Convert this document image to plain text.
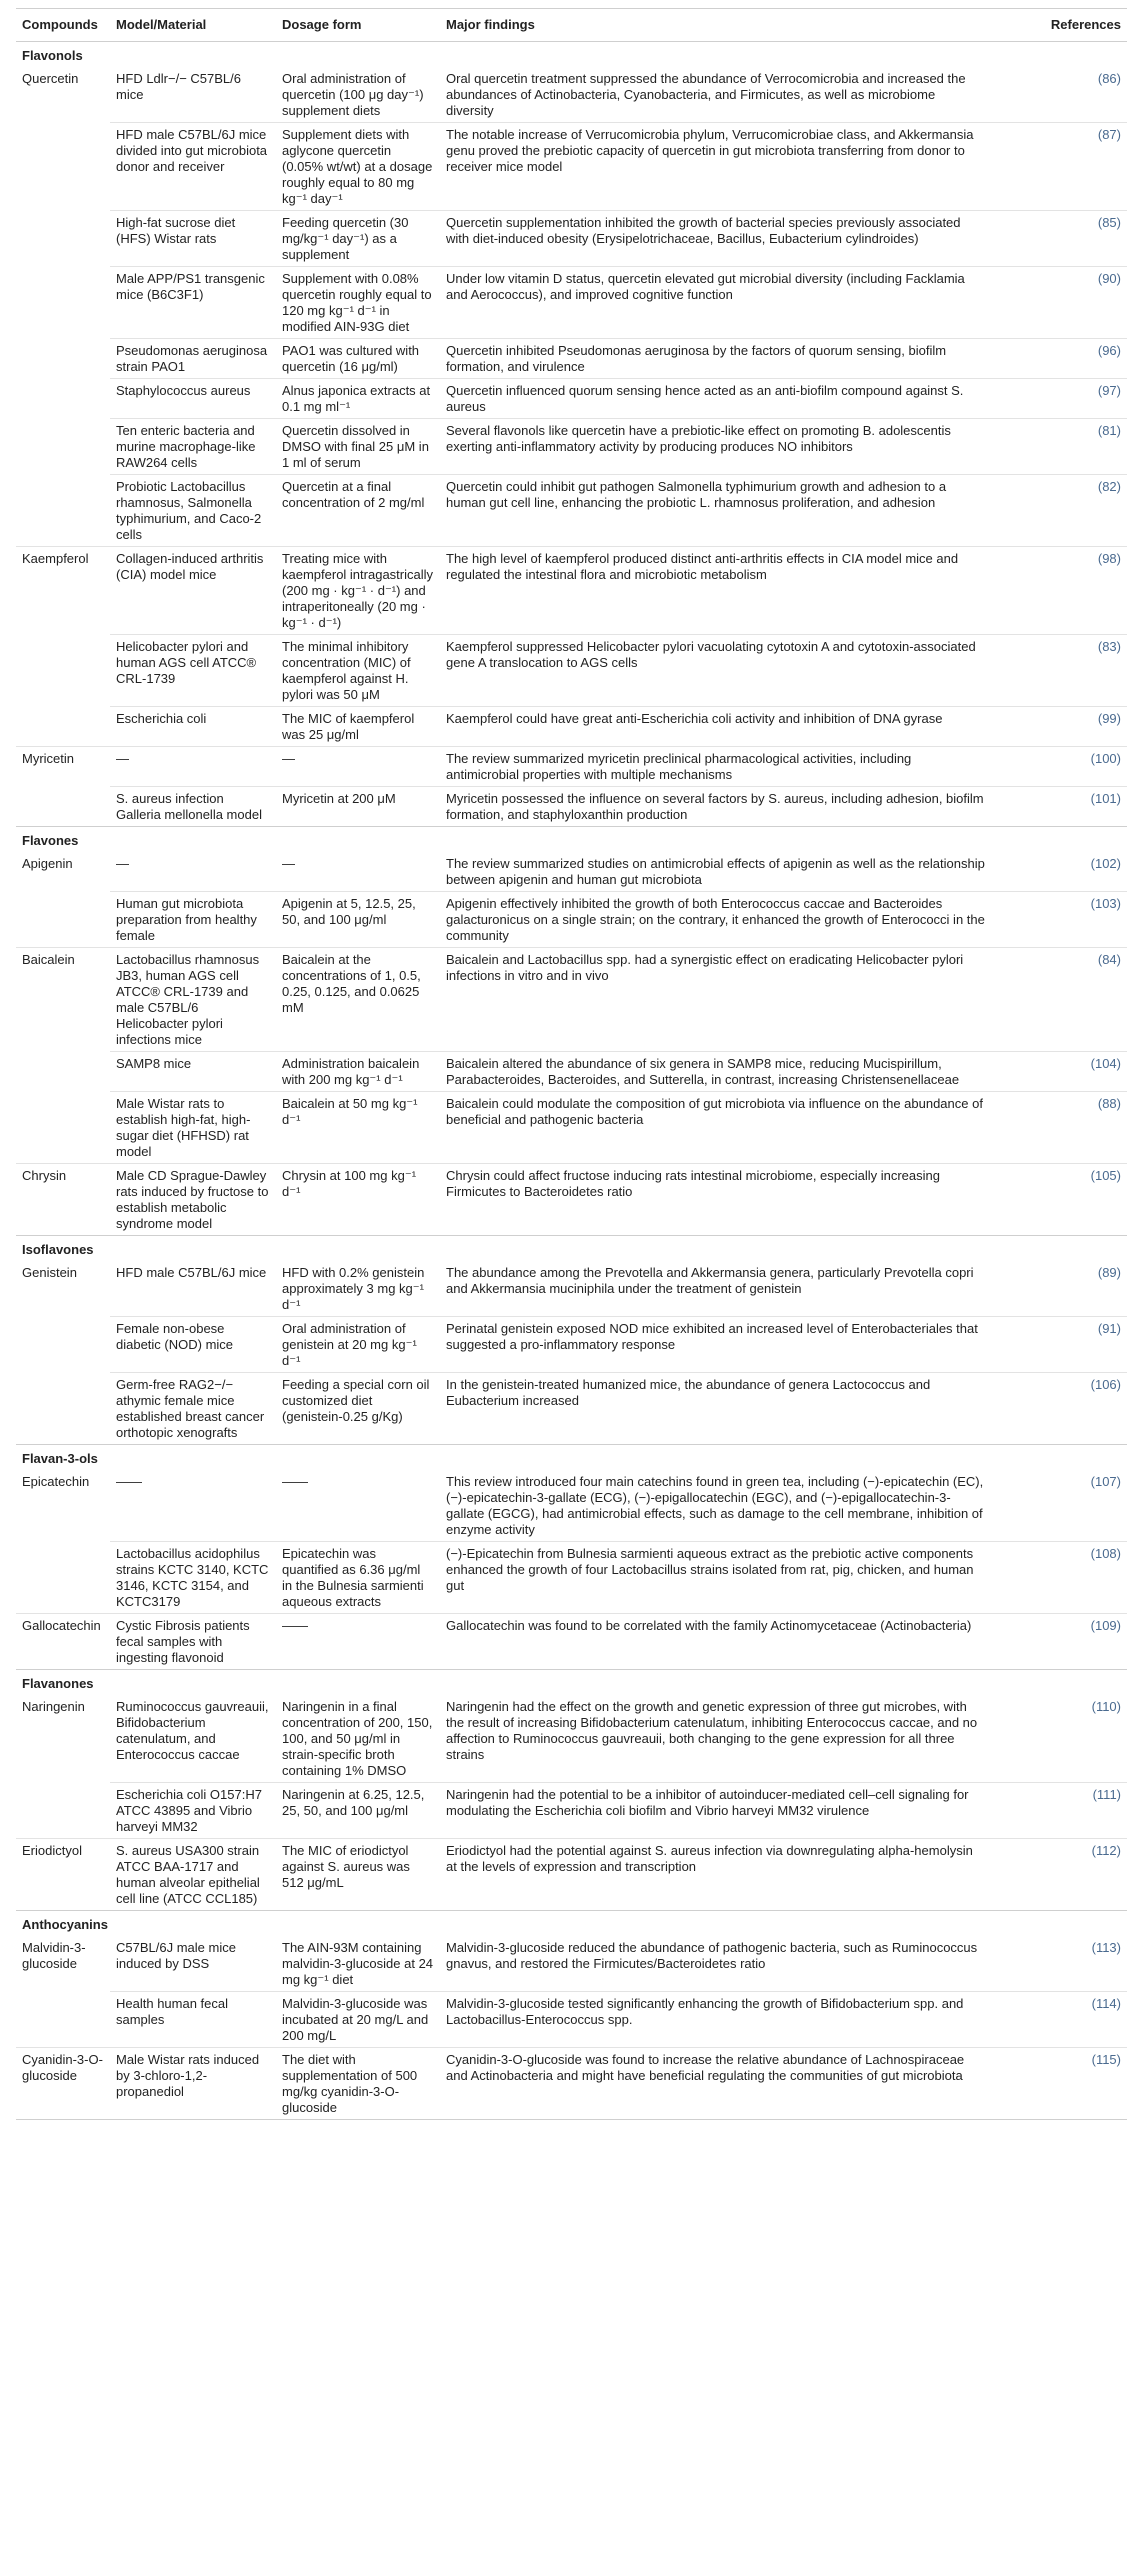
Compounds	Model/Material	Dosage form	Major findings	References
Flavonols				
Quercetin	HFD Ldlr−/− C57BL/6 mice	Oral administration of quercetin (100 μg day⁻¹) supplement diets	Oral quercetin treatment suppressed the abundance of Verrocomicrobia and increased the abundances of Actinobacteria, Cyanobacteria, and Firmicutes, as well as microbiome diversity	(86)
	HFD male C57BL/6J mice divided into gut microbiota donor and receiver	Supplement diets with aglycone quercetin (0.05% wt/wt) at a dosage roughly equal to 80 mg kg⁻¹ day⁻¹	The notable increase of Verrucomicrobia phylum, Verrucomicrobiae class, and Akkermansia genu proved the prebiotic capacity of quercetin in gut microbiota transferring from donor to receiver mice model	(87)
	High-fat sucrose diet (HFS) Wistar rats	Feeding quercetin (30 mg/kg⁻¹ day⁻¹) as a supplement	Quercetin supplementation inhibited the growth of bacterial species previously associated with diet-induced obesity (Erysipelotrichaceae, Bacillus, Eubacterium cylindroides)	(85)
	Male APP/PS1 transgenic mice (B6C3F1)	Supplement with 0.08% quercetin roughly equal to 120 mg kg⁻¹ d⁻¹ in modified AIN-93G diet	Under low vitamin D status, quercetin elevated gut microbial diversity (including Facklamia and Aerococcus), and improved cognitive function	(90)
	Pseudomonas aeruginosa strain PAO1	PAO1 was cultured with quercetin (16 μg/ml)	Quercetin inhibited Pseudomonas aeruginosa by the factors of quorum sensing, biofilm formation, and virulence	(96)
	Staphylococcus aureus	Alnus japonica extracts at 0.1 mg ml⁻¹	Quercetin influenced quorum sensing hence acted as an anti-biofilm compound against S. aureus	(97)
	Ten enteric bacteria and murine macrophage-like RAW264 cells	Quercetin dissolved in DMSO with final 25 μM in 1 ml of serum	Several flavonols like quercetin have a prebiotic-like effect on promoting B. adolescentis exerting anti-inflammatory activity by producing produces NO inhibitors	(81)
	Probiotic Lactobacillus rhamnosus, Salmonella typhimurium, and Caco-2 cells	Quercetin at a final concentration of 2 mg/ml	Quercetin could inhibit gut pathogen Salmonella typhimurium growth and adhesion to a human gut cell line, enhancing the probiotic L. rhamnosus proliferation, and adhesion	(82)
Kaempferol	Collagen-induced arthritis (CIA) model mice	Treating mice with kaempferol intragastrically (200 mg · kg⁻¹ · d⁻¹) and intraperitoneally (20 mg · kg⁻¹ · d⁻¹)	The high level of kaempferol produced distinct anti-arthritis effects in CIA model mice and regulated the intestinal flora and microbiotic metabolism	(98)
	Helicobacter pylori and human AGS cell ATCC® CRL-1739	The minimal inhibitory concentration (MIC) of kaempferol against H. pylori was 50 μM	Kaempferol suppressed Helicobacter pylori vacuolating cytotoxin A and cytotoxin-associated gene A translocation to AGS cells	(83)
	Escherichia coli	The MIC of kaempferol was 25 μg/ml	Kaempferol could have great anti-Escherichia coli activity and inhibition of DNA gyrase	(99)
Myricetin	—	—	The review summarized myricetin preclinical pharmacological activities, including antimicrobial properties with multiple mechanisms	(100)
	S. aureus infection Galleria mellonella model	Myricetin at 200 μM	Myricetin possessed the influence on several factors by S. aureus, including adhesion, biofilm formation, and staphyloxanthin production	(101)
Flavones				
Apigenin	—	—	The review summarized studies on antimicrobial effects of apigenin as well as the relationship between apigenin and human gut microbiota	(102)
	Human gut microbiota preparation from healthy female	Apigenin at 5, 12.5, 25, 50, and 100 μg/ml	Apigenin effectively inhibited the growth of both Enterococcus caccae and Bacteroides galacturonicus on a single strain; on the contrary, it enhanced the growth of Enterococci in the community	(103)
Baicalein	Lactobacillus rhamnosus JB3, human AGS cell ATCC® CRL-1739 and male C57BL/6 Helicobacter pylori infections mice	Baicalein at the concentrations of 1, 0.5, 0.25, 0.125, and 0.0625 mM	Baicalein and Lactobacillus spp. had a synergistic effect on eradicating Helicobacter pylori infections in vitro and in vivo	(84)
	SAMP8 mice	Administration baicalein with 200 mg kg⁻¹ d⁻¹	Baicalein altered the abundance of six genera in SAMP8 mice, reducing Mucispirillum, Parabacteroides, Bacteroides, and Sutterella, in contrast, increasing Christensenellaceae	(104)
	Male Wistar rats to establish high-fat, high-sugar diet (HFHSD) rat model	Baicalein at 50 mg kg⁻¹ d⁻¹	Baicalein could modulate the composition of gut microbiota via influence on the abundance of beneficial and pathogenic bacteria	(88)
Chrysin	Male CD Sprague-Dawley rats induced by fructose to establish metabolic syndrome model	Chrysin at 100 mg kg⁻¹ d⁻¹	Chrysin could affect fructose inducing rats intestinal microbiome, especially increasing Firmicutes to Bacteroidetes ratio	(105)
Isoflavones				
Genistein	HFD male C57BL/6J mice	HFD with 0.2% genistein approximately 3 mg kg⁻¹ d⁻¹	The abundance among the Prevotella and Akkermansia genera, particularly Prevotella copri and Akkermansia muciniphila under the treatment of genistein	(89)
	Female non-obese diabetic (NOD) mice	Oral administration of genistein at 20 mg kg⁻¹ d⁻¹	Perinatal genistein exposed NOD mice exhibited an increased level of Enterobacteriales that suggested a pro-inflammatory response	(91)
	Germ-free RAG2−/− athymic female mice established breast cancer orthotopic xenografts	Feeding a special corn oil customized diet (genistein-0.25 g/Kg)	In the genistein-treated humanized mice, the abundance of genera Lactococcus and Eubacterium increased	(106)
Flavan-3-ols				
Epicatechin	——	——	This review introduced four main catechins found in green tea, including (−)-epicatechin (EC), (−)-epicatechin-3-gallate (ECG), (−)-epigallocatechin (EGC), and (−)-epigallocatechin-3-gallate (EGCG), had antimicrobial effects, such as damage to the cell membrane, inhibition of enzyme activity	(107)
	Lactobacillus acidophilus strains KCTC 3140, KCTC 3146, KCTC 3154, and KCTC3179	Epicatechin was quantified as 6.36 μg/ml in the Bulnesia sarmienti aqueous extracts	(−)-Epicatechin from Bulnesia sarmienti aqueous extract as the prebiotic active components enhanced the growth of four Lactobacillus strains isolated from rat, pig, chicken, and human gut	(108)
Gallocatechin	Cystic Fibrosis patients fecal samples with ingesting flavonoid	——	Gallocatechin was found to be correlated with the family Actinomycetaceae (Actinobacteria)	(109)
Flavanones				
Naringenin	Ruminococcus gauvreauii, Bifidobacterium catenulatum, and Enterococcus caccae	Naringenin in a final concentration of 200, 150, 100, and 50 μg/ml in strain-specific broth containing 1% DMSO	Naringenin had the effect on the growth and genetic expression of three gut microbes, with the result of increasing Bifidobacterium catenulatum, inhibiting Enterococcus caccae, and no affection to Ruminococcus gauvreauii, both changing to the gene expression for all three strains	(110)
	Escherichia coli O157:H7 ATCC 43895 and Vibrio harveyi MM32	Naringenin at 6.25, 12.5, 25, 50, and 100 μg/ml	Naringenin had the potential to be a inhibitor of autoinducer-mediated cell–cell signaling for modulating the Escherichia coli biofilm and Vibrio harveyi MM32 virulence	(111)
Eriodictyol	S. aureus USA300 strain ATCC BAA-1717 and human alveolar epithelial cell line (ATCC CCL185)	The MIC of eriodictyol against S. aureus was 512 μg/mL	Eriodictyol had the potential against S. aureus infection via downregulating alpha-hemolysin at the levels of expression and transcription	(112)
Anthocyanins				
Malvidin-3-glucoside	C57BL/6J male mice induced by DSS	The AIN-93M containing malvidin-3-glucoside at 24 mg kg⁻¹ diet	Malvidin-3-glucoside reduced the abundance of pathogenic bacteria, such as Ruminococcus gnavus, and restored the Firmicutes/Bacteroidetes ratio	(113)
	Health human fecal samples	Malvidin-3-glucoside was incubated at 20 mg/L and 200 mg/L	Malvidin-3-glucoside tested significantly enhancing the growth of Bifidobacterium spp. and Lactobacillus-Enterococcus spp.	(114)
Cyanidin-3-O-glucoside	Male Wistar rats induced by 3-chloro-1,2-propanediol	The diet with supplementation of 500 mg/kg cyanidin-3-O-glucoside	Cyanidin-3-O-glucoside was found to increase the relative abundance of Lachnospiraceae and Actinobacteria and might have beneficial regulating the communities of gut microbiota	(115)
